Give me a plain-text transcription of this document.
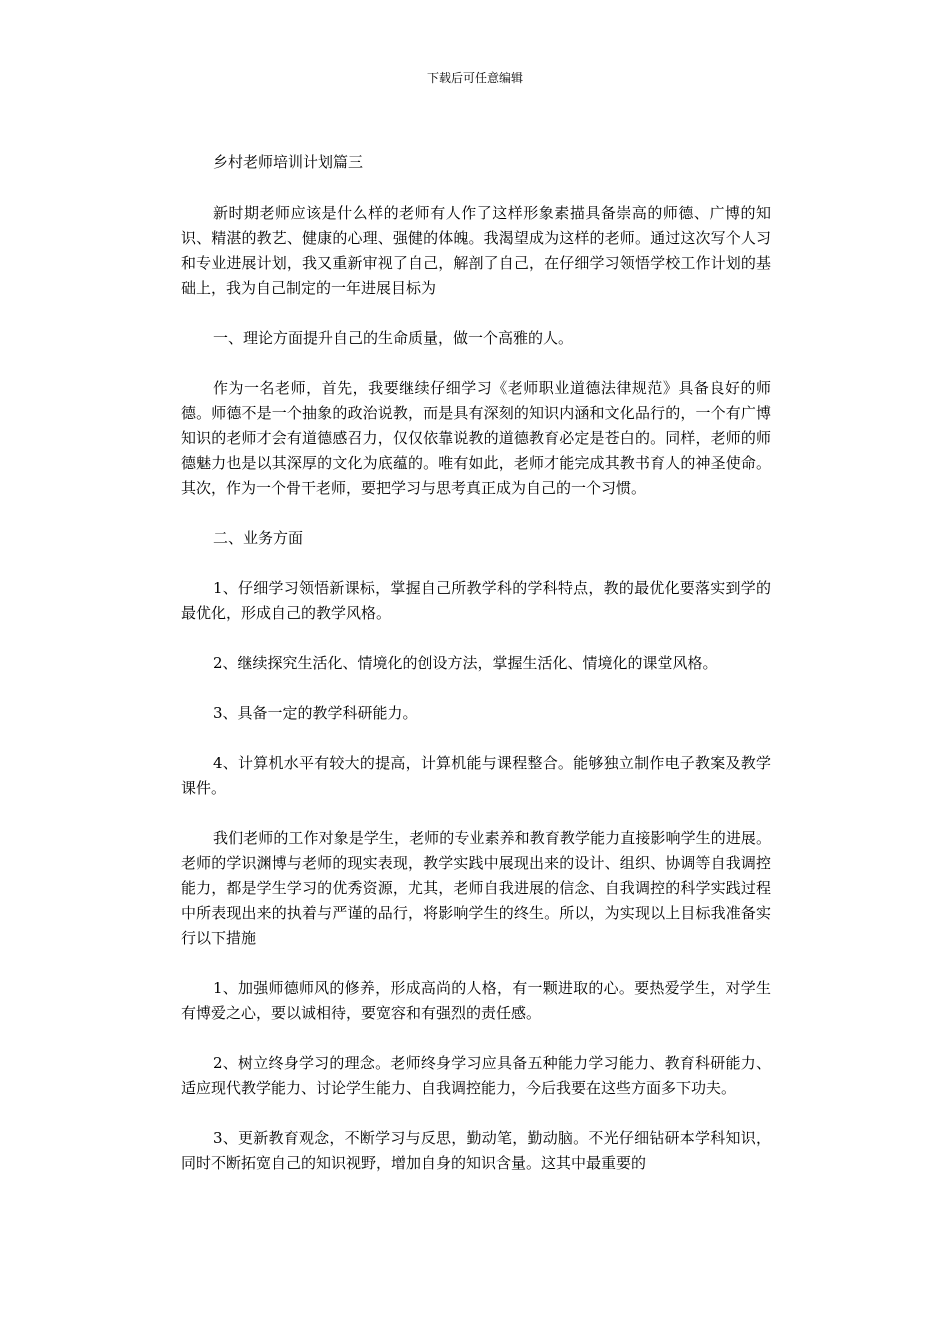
下载后可任意编辑

乡村老师培训计划篇三

新时期老师应该是什么样的老师有人作了这样形象素描具备崇高的师德、广博的知识、精湛的教艺、健康的心理、强健的体魄。我渴望成为这样的老师。通过这次写个人习和专业进展计划，我又重新审视了自己，解剖了自己，在仔细学习领悟学校工作计划的基础上，我为自己制定的一年进展目标为

一、理论方面提升自己的生命质量，做一个高雅的人。

作为一名老师，首先，我要继续仔细学习《老师职业道德法律规范》具备良好的师德。师德不是一个抽象的政治说教，而是具有深刻的知识内涵和文化品行的，一个有广博知识的老师才会有道德感召力，仅仅依靠说教的道德教育必定是苍白的。同样，老师的师德魅力也是以其深厚的文化为底蕴的。唯有如此，老师才能完成其教书育人的神圣使命。其次，作为一个骨干老师，要把学习与思考真正成为自己的一个习惯。

二、业务方面

1、仔细学习领悟新课标，掌握自己所教学科的学科特点，教的最优化要落实到学的最优化，形成自己的教学风格。

2、继续探究生活化、情境化的创设方法，掌握生活化、情境化的课堂风格。

3、具备一定的教学科研能力。

4、计算机水平有较大的提高，计算机能与课程整合。能够独立制作电子教案及教学课件。

我们老师的工作对象是学生，老师的专业素养和教育教学能力直接影响学生的进展。老师的学识渊博与老师的现实表现，教学实践中展现出来的设计、组织、协调等自我调控能力，都是学生学习的优秀资源，尤其，老师自我进展的信念、自我调控的科学实践过程中所表现出来的执着与严谨的品行，将影响学生的终生。所以，为实现以上目标我准备实行以下措施

1、加强师德师风的修养，形成高尚的人格，有一颗进取的心。要热爱学生，对学生有博爱之心，要以诚相待，要宽容和有强烈的责任感。

2、树立终身学习的理念。老师终身学习应具备五种能力学习能力、教育科研能力、适应现代教学能力、讨论学生能力、自我调控能力，今后我要在这些方面多下功夫。

3、更新教育观念，不断学习与反思，勤动笔，勤动脑。不光仔细钻研本学科知识，同时不断拓宽自己的知识视野，增加自身的知识含量。这其中最重要的
